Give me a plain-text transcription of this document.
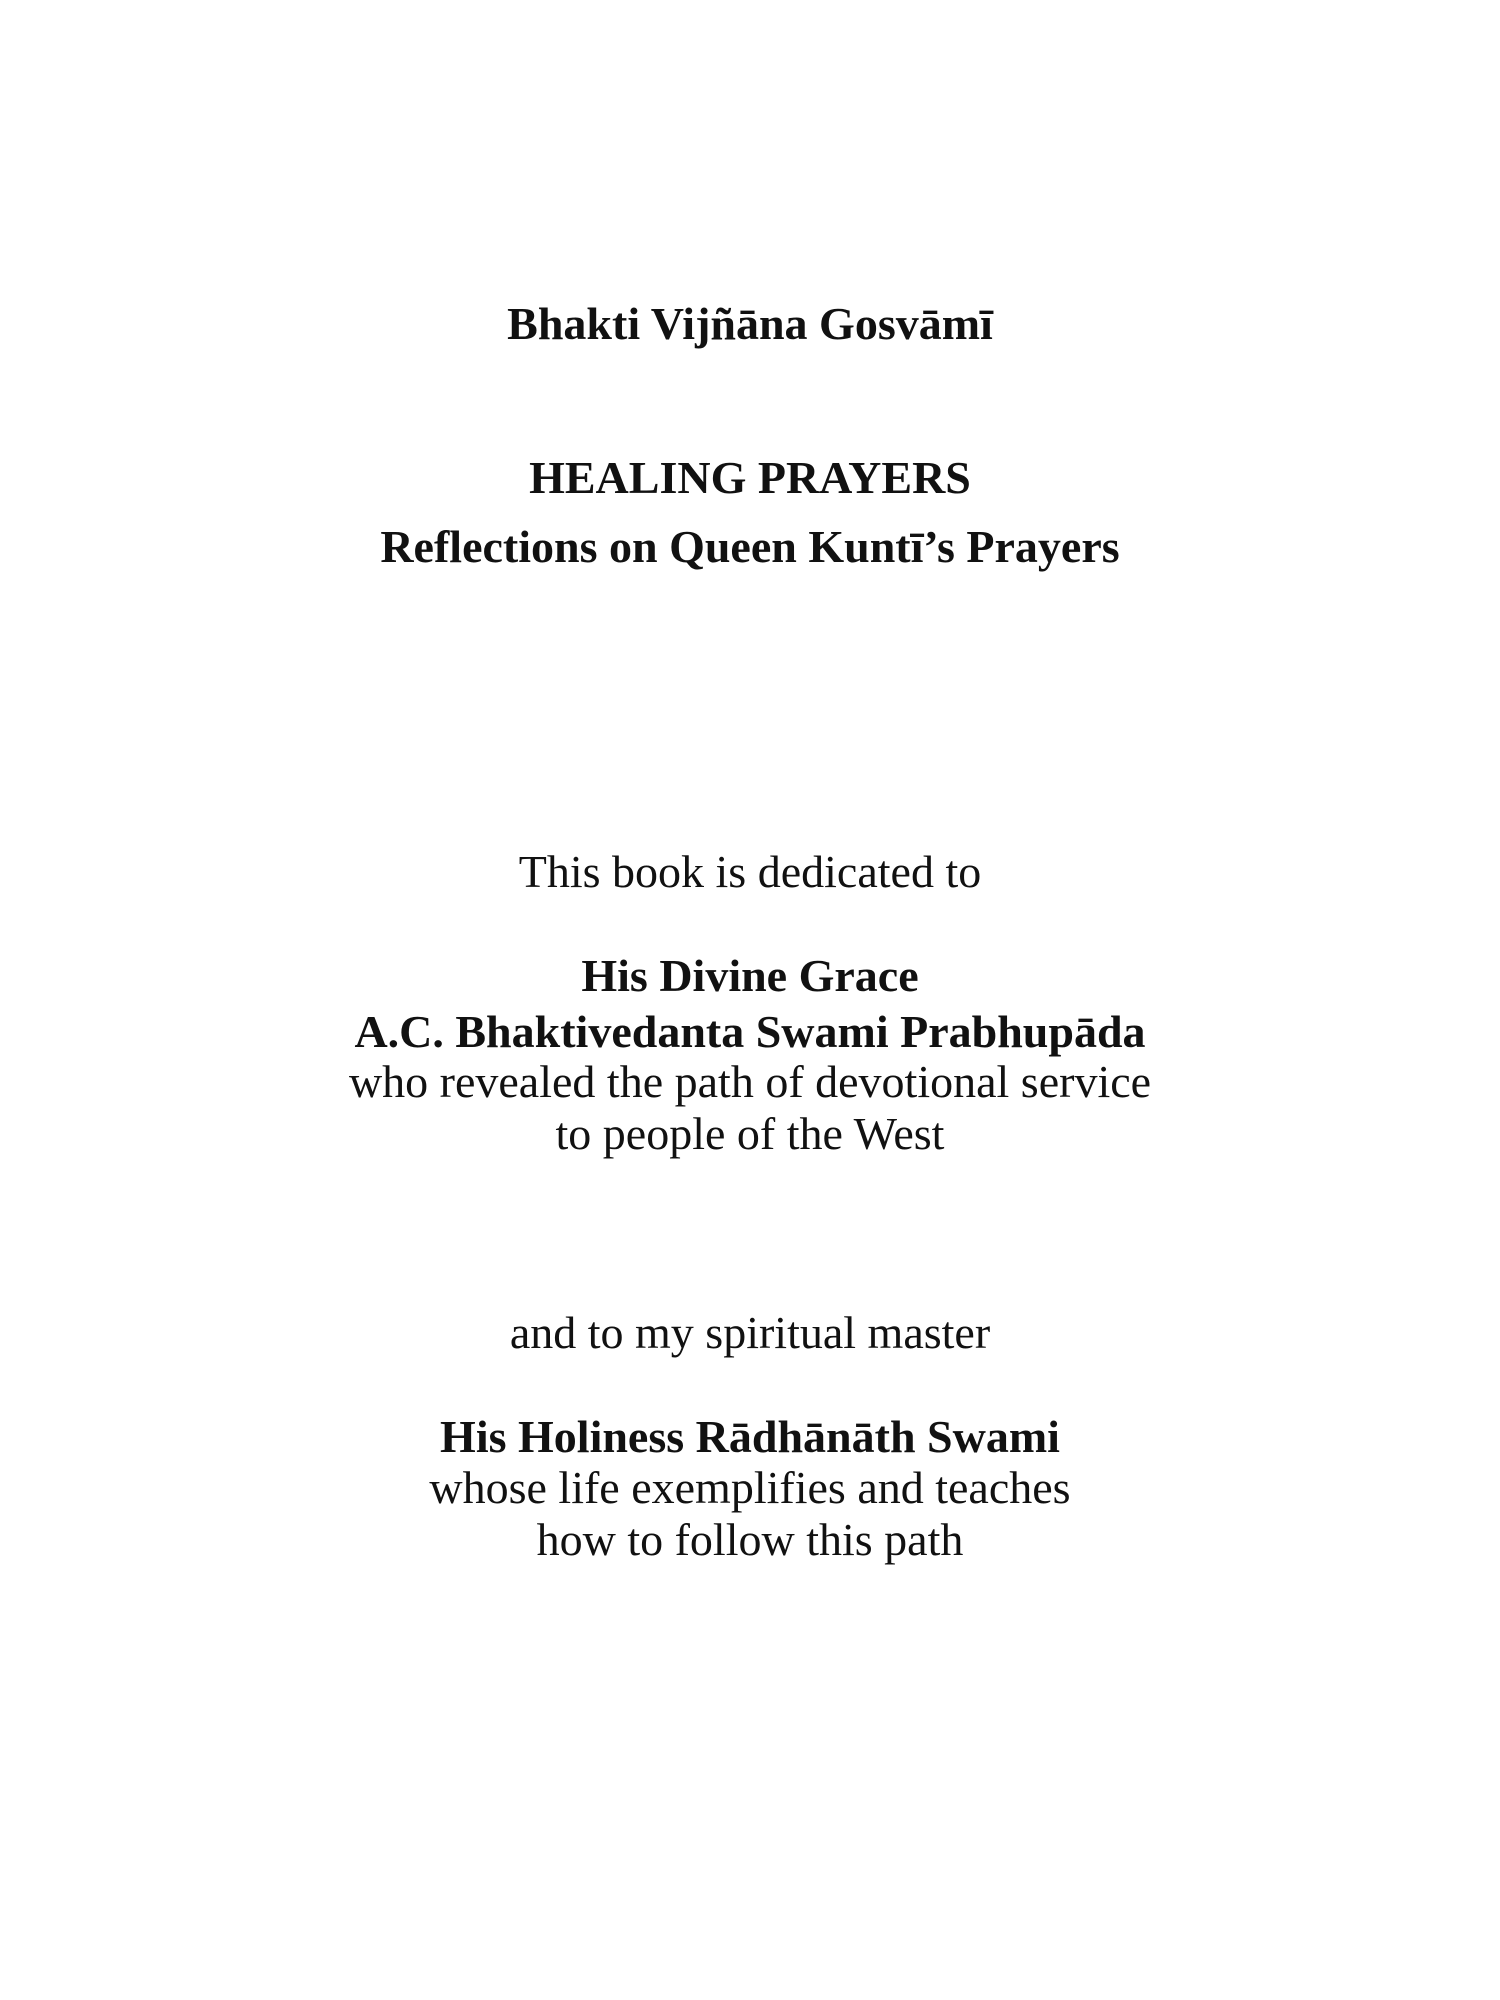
Bhakti Vijñāna Gosvāmī
HEALING PRAYERS
Reflections on Queen Kuntī’s Prayers
This book is dedicated to
His Divine Grace
A.C. Bhaktivedanta Swami Prabhupāda
who revealed the path of devotional service
to people of the West
and to my spiritual master
His Holiness Rādhānāth Swami
whose life exemplifies and teaches
how to follow this path
